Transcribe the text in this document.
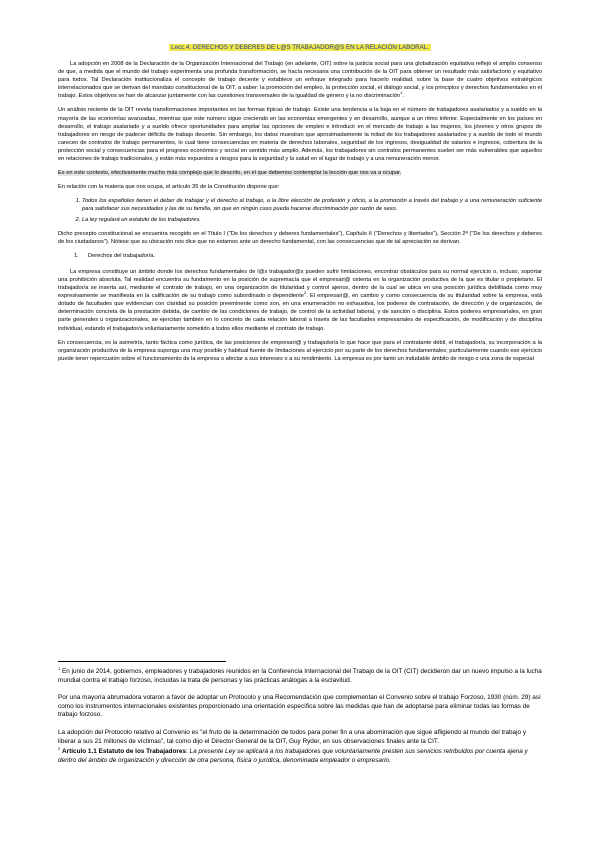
Lecc.4. DERECHOS Y DEBERES DE L@S TRABAJADOR@S EN LA RELACIÓN LABORAL.

La adopción en 2008 de la Declaración de la Organización Internacional del Trabajo (en adelante, OIT) sobre la justicia social para una globalización equitativa reflejó el amplio consenso de que, a medida que el mundo del trabajo experimenta una profunda transformación, se hacía necesaria una contribución de la OIT para obtener un resultado más satisfactorio y equitativo para todos. Tal Declaración institucionaliza el concepto de trabajo decente y establece un enfoque integrado para hacerlo realidad, sobre la base de cuatro objetivos estratégicos interrelacionados que se derivan del mandato constitucional de la OIT, a saber: la promoción del empleo, la protección social, el diálogo social, y los principios y derechos fundamentales en el trabajo. Estos objetivos se han de alcanzar juntamente con las cuestiones transversales de la igualdad de género y la no discriminación$^1$.

Un análisis reciente de la OIT revela transformaciones importantes en las formas típicas de trabajo. Existe una tendencia a la baja en el número de trabajadores asalariados y a sueldo en la mayoría de las economías avanzadas, mientras que este número sigue creciendo en las economías emergentes y en desarrollo, aunque a un ritmo inferior. Especialmente en los países en desarrollo, el trabajo asalariado y a sueldo ofrece oportunidades para ampliar las opciones de empleo e introducir en el mercado de trabajo a las mujeres, los jóvenes y otros grupos de trabajadores en riesgo de padecer déficits de trabajo decente. Sin embargo, los datos muestran que aproximadamente la mitad de los trabajadores asalariados y a sueldo de todo el mundo carecen de contratos de trabajo permanentes, lo cual tiene consecuencias en materia de derechos laborales, seguridad de los ingresos, desigualdad de salarios e ingresos, cobertura de la protección social y consecuencias para el progreso económico y social en sentido más amplio. Además, los trabajadores sin contratos permanentes suelen ser más vulnerables que aquellos en relaciones de trabajo tradicionales, y están más expuestos a riesgos para la seguridad y la salud en el lugar de trabajo y a una remuneración menor.

Es en este contexto, efectivamente mucho más complejo que lo descrito, en el que debemos contemplar la lección que nos va a ocupar.

En relación con la materia que nos ocupa, el artículo 35 de la Constitución dispone que:

1. Todos los españoles tienen el deber de trabajar y el derecho al trabajo, a la libre elección de profesión y oficio, a la promoción a través del trabajo y a una remuneración suficiente para satisfacer sus necesidades y las de su familia, sin que en ningún caso pueda hacerse discriminación por razón de sexo.
2. La ley regulará un estatuto de los trabajadores.

Dicho precepto constitucional se encuentra recogido en el Título I ("De los derechos y deberes fundamentales"), Capítulo II ("Derechos y libertades"), Sección 2ª ("De los derechos y deberes de los ciudadanos"). Nótese que su ubicación nos dice que no estamos ante un derecho fundamental, con las consecuencias que de tal apreciación se derivan.

1. Derechos del trabajador/a.

La empresa constituye un ámbito donde los derechos fundamentales de l@s trabajador@s pueden sufrir limitaciones, encontrar obstáculos para su normal ejercicio o, incluso, soportar una prohibición absoluta. Tal realidad encuentra su fundamento en la posición de supremacía que el empresari@ ostenta en la organización productiva de la que es titular o propietario. El trabajador/a se inserta así, mediante el contrato de trabajo, en una organización de titularidad y control ajenos, dentro de la cual se ubica en una posición jurídica debilitada como muy expresivamente se manifiesta en la calificación de su trabajo como subordinado o dependiente$^2$. El empresari@, en cambio y como consecuencia de su titularidad sobre la empresa, está dotado de facultades que evidencian con claridad su posición preeminente como son, en una enumeración no exhaustiva, los poderes de contratación, de dirección y de organización, de determinación concreta de la prestación debida, de cambio de las condiciones de trabajo, de control de la actividad laboral, y de sanción o disciplina. Estos poderes empresariales, en gran parte generales u organizacionales, se ejercitan también en lo concreto de cada relación laboral a través de las facultades empresariales de especificación, de modificación y de disciplina individual, estando el trabajador/a voluntariamente sometido a todos ellos mediante el contrato de trabajo.

En consecuencia, es la asimetría, tanto fáctica como jurídica, de las posiciones de empresari@ y trabajador/a lo que hace que para el contratante débil, el trabajador/a, su incorporación a la organización productiva de la empresa suponga una muy posible y habitual fuente de limitaciones al ejercicio por su parte de los derechos fundamentales; particularmente cuando ese ejercicio puede tener repercusión sobre el funcionamiento de la empresa o afectar a sus intereses o a su rendimiento. La empresa es por tanto un indudable ámbito de riesgo o una zona de especial

$^1$ En junio de 2014, gobiernos, empleadores y trabajadores reunidos en la Conferencia Internacional del Trabajo de la OIT (CIT) decidieron dar un nuevo impulso a la lucha mundial contra el trabajo forzoso, incluidas la trata de personas y las prácticas análogas a la esclavitud.

Por una mayoría abrumadora votaron a favor de adoptar un Protocolo y una Recomendación que complementan el Convenio sobre el trabajo Forzoso, 1930 (núm. 29) así como los instrumentos internacionales existentes proporcionado una orientación específica sobre las medidas que han de adoptarse para eliminar todas las formas de trabajo forzoso.

La adopción del Protocolo relativo al Convenio es "el fruto de la determinación de todos para poner fin a una abominación que sigue afligiendo al mundo del trabajo y liberar a sus 21 millones de víctimas", tal como dijo el Director General de la OIT, Guy Ryder, en sus observaciones finales ante la CIT.

$^2$ Artículo 1.1 Estatuto de los Trabajadores: La presente Ley se aplicará a los trabajadores que voluntariamente presten sus servicios retribuidos por cuenta ajena y dentro del ámbito de organización y dirección de otra persona, física o jurídica, denominada empleador o empresario.
